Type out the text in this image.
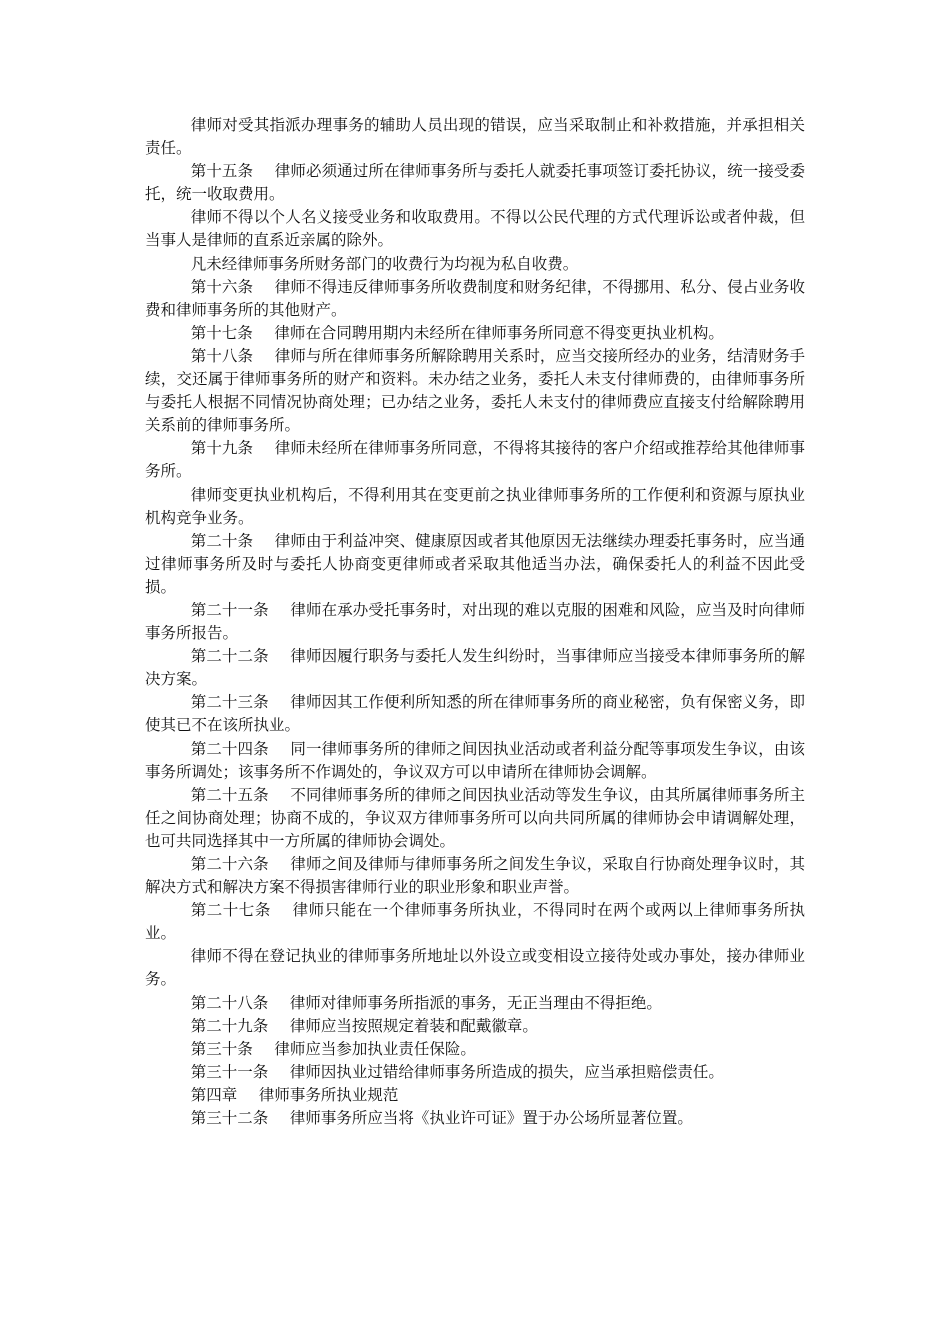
律师对受其指派办理事务的辅助人员出现的错误，应当采取制止和补救措施，并承担相关责任。

第十五条 律师必须通过所在律师事务所与委托人就委托事项签订委托协议，统一接受委托，统一收取费用。

律师不得以个人名义接受业务和收取费用。不得以公民代理的方式代理诉讼或者仲裁，但当事人是律师的直系近亲属的除外。

凡未经律师事务所财务部门的收费行为均视为私自收费。

第十六条 律师不得违反律师事务所收费制度和财务纪律，不得挪用、私分、侵占业务收费和律师事务所的其他财产。

第十七条 律师在合同聘用期内未经所在律师事务所同意不得变更执业机构。

第十八条 律师与所在律师事务所解除聘用关系时，应当交接所经办的业务，结清财务手续，交还属于律师事务所的财产和资料。未办结之业务，委托人未支付律师费的，由律师事务所与委托人根据不同情况协商处理；已办结之业务，委托人未支付的律师费应直接支付给解除聘用关系前的律师事务所。

第十九条 律师未经所在律师事务所同意，不得将其接待的客户介绍或推荐给其他律师事务所。

律师变更执业机构后，不得利用其在变更前之执业律师事务所的工作便利和资源与原执业机构竞争业务。

第二十条 律师由于利益冲突、健康原因或者其他原因无法继续办理委托事务时，应当通过律师事务所及时与委托人协商变更律师或者采取其他适当办法，确保委托人的利益不因此受损。

第二十一条 律师在承办受托事务时，对出现的难以克服的困难和风险，应当及时向律师事务所报告。

第二十二条 律师因履行职务与委托人发生纠纷时，当事律师应当接受本律师事务所的解决方案。

第二十三条 律师因其工作便利所知悉的所在律师事务所的商业秘密，负有保密义务，即使其已不在该所执业。

第二十四条 同一律师事务所的律师之间因执业活动或者利益分配等事项发生争议，由该事务所调处；该事务所不作调处的，争议双方可以申请所在律师协会调解。

第二十五条 不同律师事务所的律师之间因执业活动等发生争议，由其所属律师事务所主任之间协商处理；协商不成的，争议双方律师事务所可以向共同所属的律师协会申请调解处理，也可共同选择其中一方所属的律师协会调处。

第二十六条 律师之间及律师与律师事务所之间发生争议，采取自行协商处理争议时，其解决方式和解决方案不得损害律师行业的职业形象和职业声誉。

第二十七条 律师只能在一个律师事务所执业，不得同时在两个或两以上律师事务所执业。

律师不得在登记执业的律师事务所地址以外设立或变相设立接待处或办事处，接办律师业务。

第二十八条 律师对律师事务所指派的事务，无正当理由不得拒绝。

第二十九条 律师应当按照规定着装和配戴徽章。

第三十条 律师应当参加执业责任保险。

第三十一条 律师因执业过错给律师事务所造成的损失，应当承担赔偿责任。

第四章 律师事务所执业规范

第三十二条 律师事务所应当将《执业许可证》置于办公场所显著位置。
